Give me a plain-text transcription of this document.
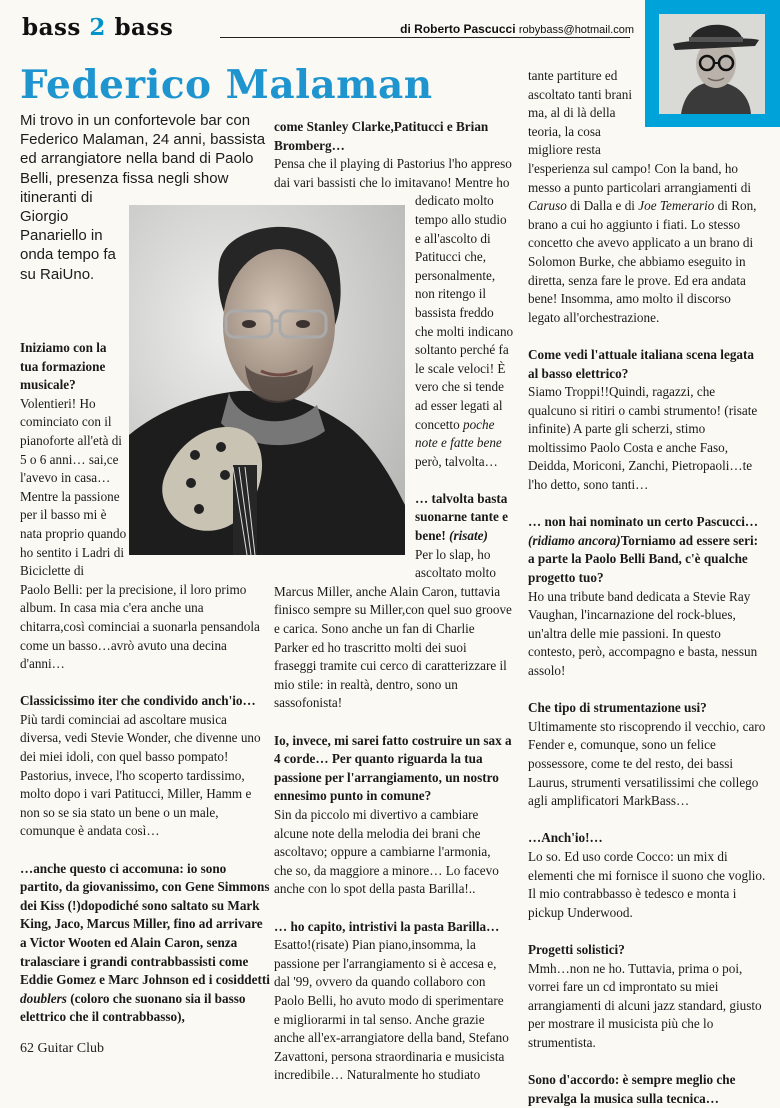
bass 2 bass	di Roberto Pascucci robybass@hotmail.com
Federico Malaman

Mi trovo in un confortevole bar con Federico Malaman, 24 anni, bassista ed arrangiatore nella band di Paolo Belli, presenza fissa negli show
itineranti di Giorgio Panariello in onda tempo fa su RaiUno.

Iniziamo con la tua formazione musicale?

Volentieri! Ho cominciato con il pianoforte all'età di 5 o 6 anni… sai,ce l'avevo in casa… Mentre la passione per il basso mi è nata proprio quando ho sentito i Ladri di Biciclette di
Paolo Belli: per la precisione, il loro primo album. In casa mia c'era anche una chitarra,così cominciai a suonarla pensandola come un basso…avrò avuto una decina d'anni…

Classicissimo iter che condivido anch'io…

Più tardi cominciai ad ascoltare musica diversa, vedi Stevie Wonder, che divenne uno dei miei idoli, con quel basso pompato! Pastorius, invece, l'ho scoperto tardissimo, molto dopo i vari Patitucci, Miller, Hamm e non so se sia stato un bene o un male, comunque è andata così…

…anche questo ci accomuna: io sono partito, da giovanissimo, con Gene Simmons dei Kiss (!)dopodiché sono saltato su Mark King, Jaco, Marcus Miller, fino ad arrivare a Victor Wooten ed Alain Caron, senza tralasciare i grandi contrabbassisti come Eddie Gomez e Marc Johnson ed i cosiddetti doublers (coloro che suonano sia il basso elettrico che il contrabbasso),

come Stanley Clarke,Patitucci e Brian Bromberg…

Pensa che il playing di Pastorius l'ho appreso dai vari bassisti che lo imitavano! Mentre ho
dedicato molto tempo allo studio e all'ascolto di Patitucci che, personalmente, non ritengo il bassista freddo che molti indicano soltanto perché fa le scale veloci! È vero che si tende ad esser legati al concetto poche note e fatte bene però, talvolta…

… talvolta basta suonarne tante e bene! (risate)

Per lo slap, ho ascoltato molto
Marcus Miller, anche Alain Caron, tuttavia finisco sempre su Miller,con quel suo groove e carica. Sono anche un fan di Charlie Parker ed ho trascritto molti dei suoi fraseggi tramite cui cerco di caratterizzare il mio stile: in realtà, dentro, sono un sassofonista!

Io, invece, mi sarei fatto costruire un sax a 4 corde… Per quanto riguarda la tua passione per l'arrangiamento, un nostro ennesimo punto in comune?

Sin da piccolo mi divertivo a cambiare alcune note della melodia dei brani che ascoltavo; oppure a cambiarne l'armonia, che so, da maggiore a minore… Lo facevo anche con lo spot della pasta Barilla!..

… ho capito, intristivi la pasta Barilla…

Esatto!(risate) Pian piano,insomma, la passione per l'arrangiamento si è accesa e, dal '99, ovvero da quando collaboro con Paolo Belli, ho avuto modo di sperimentare e migliorarmi in tal senso. Anche grazie anche all'ex-arrangiatore della band, Stefano Zavattoni, persona straordinaria e musicista incredibile… Naturalmente ho studiato

tante partiture ed ascoltato tanti brani ma, al di là della teoria, la cosa migliore resta
l'esperienza sul campo! Con la band, ho messo a punto particolari arrangiamenti di Caruso di Dalla e di Joe Temerario di Ron, brano a cui ho aggiunto i fiati. Lo stesso concetto che avevo applicato a un brano di Solomon Burke, che abbiamo eseguito in diretta, senza fare le prove. Ed era andata bene! Insomma, amo molto il discorso legato all'orchestrazione.

Come vedi l'attuale italiana scena legata al basso elettrico?

Siamo Troppi!!Quindi, ragazzi, che qualcuno si ritiri o cambi strumento! (risate infinite) A parte gli scherzi, stimo moltissimo Paolo Costa e anche Faso, Deidda, Moriconi, Zanchi, Pietropaoli…te l'ho detto, sono tanti…

… non hai nominato un certo Pascucci…(ridiamo ancora)Torniamo ad essere seri: a parte la Paolo Belli Band, c'è qualche progetto tuo?

Ho una tribute band dedicata a Stevie Ray Vaughan, l'incarnazione del rock-blues, un'altra delle mie passioni. In questo contesto, però, accompagno e basta, nessun assolo!

Che tipo di strumentazione usi?

Ultimamente sto riscoprendo il vecchio, caro Fender e, comunque, sono un felice possessore, come te del resto, dei bassi Laurus, strumenti versatilissimi che collego agli amplificatori MarkBass…

…Anch'io!…

Lo so. Ed uso corde Cocco: un mix di elementi che mi fornisce il suono che voglio. Il mio contrabbasso è tedesco e monta i pickup Underwood.

Progetti solistici?

Mmh…non ne ho. Tuttavia, prima o poi, vorrei fare un cd improntato su miei arrangiamenti di alcuni jazz standard, giusto per mostrare il musicista più che lo strumentista.

Sono d'accordo: è sempre meglio che prevalga la musica sulla tecnica…

62 Guitar Club
